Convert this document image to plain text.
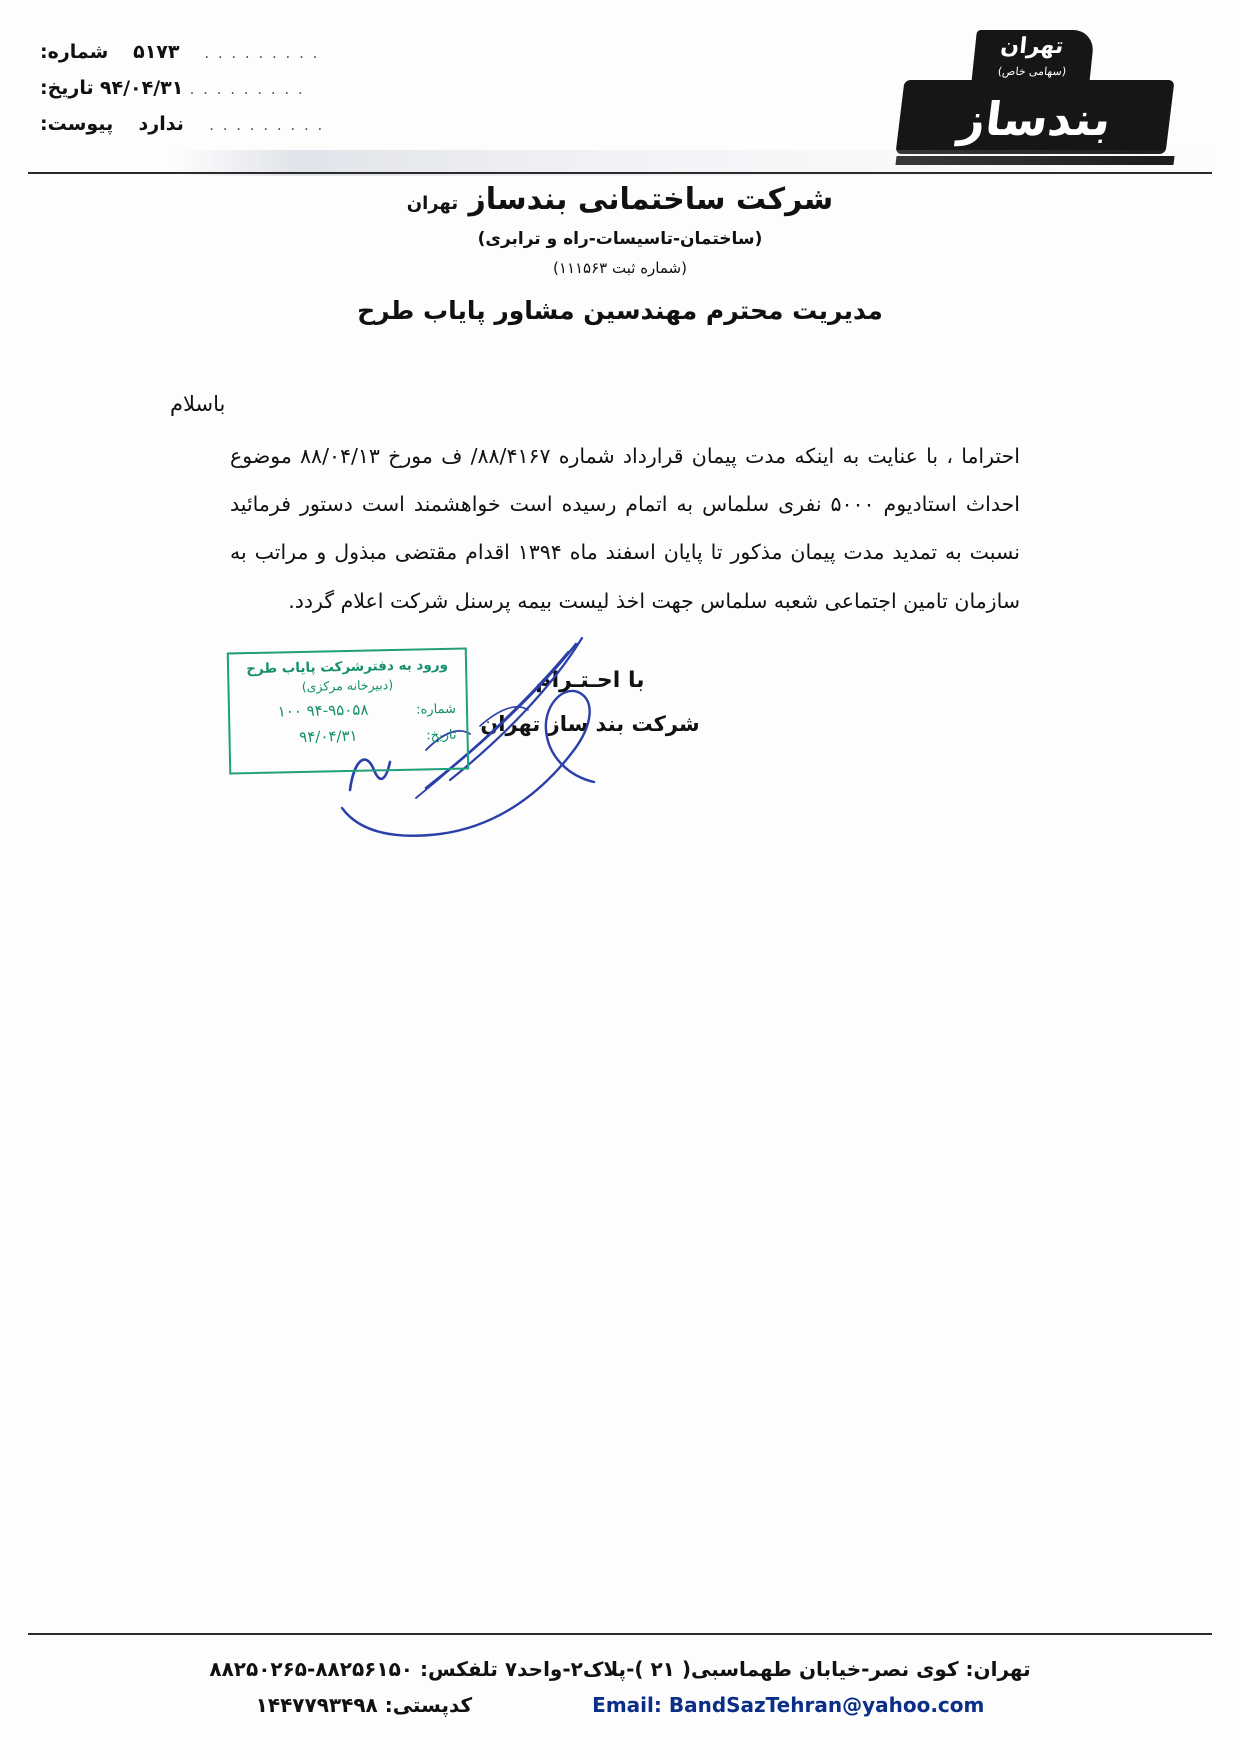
شماره:	۵۱۷۳	. . . . . . . . .
تاریخ: ۹۴/۰۴/۳۱ . . . . . . . . .
پیوست:	ندارد	. . . . . . . . .
تهران
(سهامی خاص)
بندساز
شرکت ساختمانی بندساز تهران
(ساختمان-تاسیسات-راه و ترابری)
(شماره ثبت ۱۱۱۵۶۳)
مدیریت محترم مهندسین مشاور پایاب طرح
باسلام
احتراما ، با عنایت به اینکه مدت پیمان قرارداد شماره ۸۸/۴۱۶۷/ ف مورخ ۸۸/۰۴/۱۳ موضوع احداث استادیوم ۵۰۰۰ نفری سلماس به اتمام رسیده است خواهشمند است دستور فرمائید نسبت به تمدید مدت پیمان مذکور تا پایان اسفند ماه ۱۳۹۴ اقدام مقتضی مبذول و مراتب به سازمان تامین اجتماعی شعبه سلماس جهت اخذ لیست بیمه پرسنل شرکت اعلام گردد.
با احـتـرام
شرکت بند ساز تهران
ورود به دفترشرکت پایاب طرح
(دبیرخانه مرکزی)
شماره:
۹۴-۹۵۰۵۸ ۱۰۰
تاریخ:
۹۴/۰۴/۳۱
تهران: کوی نصر-خیابان طهماسبی( ۲۱ )-پلاک۲-واحد۷ تلفکس: ۸۸۲۵۶۱۵۰-۸۸۲۵۰۲۶۵
Email: BandSazTehran@yahoo.com
کدپستی: ۱۴۴۷۷۹۳۴۹۸
